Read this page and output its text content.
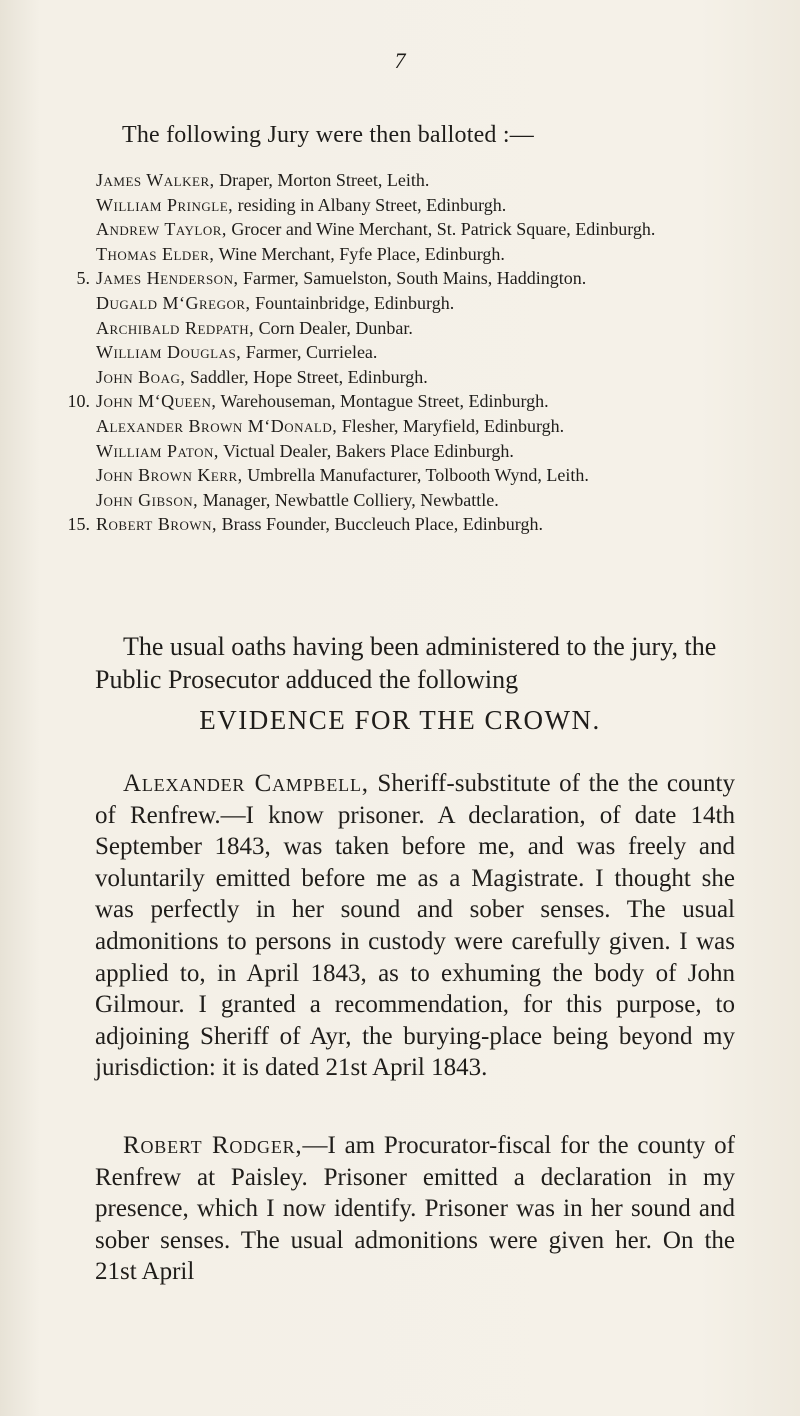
7
The following Jury were then balloted :—
James Walker, Draper, Morton Street, Leith.
William Pringle, residing in Albany Street, Edinburgh.
Andrew Taylor, Grocer and Wine Merchant, St. Patrick Square, Edinburgh.
Thomas Elder, Wine Merchant, Fyfe Place, Edinburgh.
5. James Henderson, Farmer, Samuelston, South Mains, Haddington.
Dugald M‘Gregor, Fountainbridge, Edinburgh.
Archibald Redpath, Corn Dealer, Dunbar.
William Douglas, Farmer, Currielea.
John Boag, Saddler, Hope Street, Edinburgh.
10. John M‘Queen, Warehouseman, Montague Street, Edinburgh.
Alexander Brown M‘Donald, Flesher, Maryfield, Edinburgh.
William Paton, Victual Dealer, Bakers Place Edinburgh.
John Brown Kerr, Umbrella Manufacturer, Tolbooth Wynd, Leith.
John Gibson, Manager, Newbattle Colliery, Newbattle.
15. Robert Brown, Brass Founder, Buccleuch Place, Edinburgh.

The usual oaths having been administered to the jury, the Public Prosecutor adduced the following

EVIDENCE FOR THE CROWN.

Alexander Campbell, Sheriff-substitute of the the county of Renfrew.—I know prisoner. A declaration, of date 14th September 1843, was taken before me, and was freely and voluntarily emitted before me as a Magistrate. I thought she was perfectly in her sound and sober senses. The usual admonitions to persons in custody were carefully given. I was applied to, in April 1843, as to exhuming the body of John Gilmour. I granted a recommendation, for this purpose, to adjoining Sheriff of Ayr, the burying-place being beyond my jurisdiction: it is dated 21st April 1843.

Robert Rodger,—I am Procurator-fiscal for the county of Renfrew at Paisley. Prisoner emitted a declaration in my presence, which I now identify. Prisoner was in her sound and sober senses. The usual admonitions were given her. On the 21st April
